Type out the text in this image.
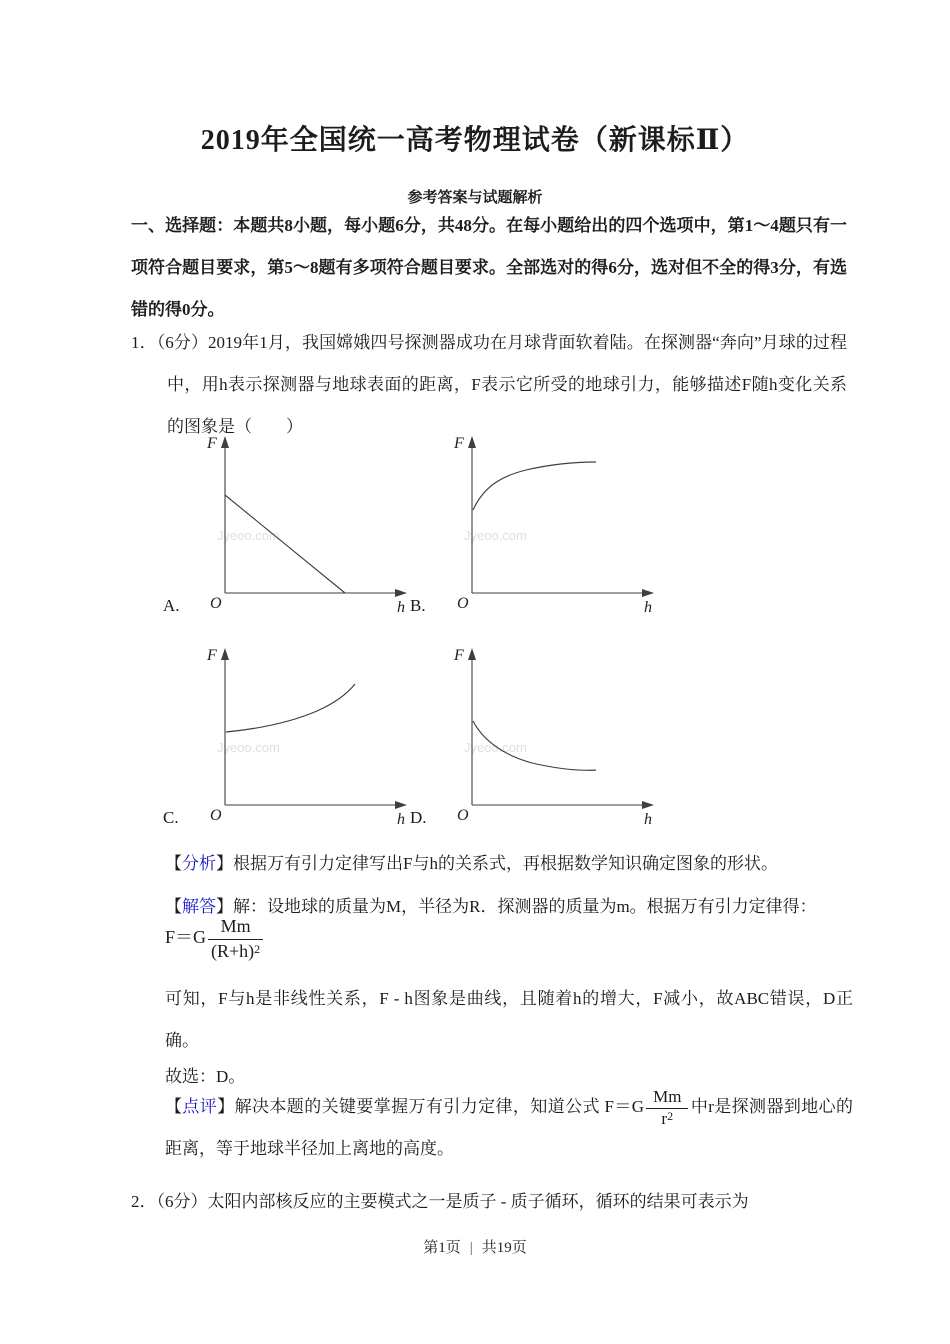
2019年全国统一高考物理试卷（新课标Ⅱ）
参考答案与试题解析
一、选择题：本题共8小题，每小题6分，共48分。在每小题给出的四个选项中，第1～4题只有一项符合题目要求，第5～8题有多项符合题目要求。全部选对的得6分，选对但不全的得3分，有选错的得0分。
1．（6分）2019年1月，我国嫦娥四号探测器成功在月球背面软着陆。在探测器“奔向”月球的过程中，用h表示探测器与地球表面的距离，F表示它所受的地球引力，能够描述F随h变化关系的图象是（　　）
A.
Jyeoo.com
F
O	h B.
Jyeoo.com
F
O	h
C.
Jyeoo.com
F
O	h D.
Jyeoo.com
F
O	h
【分析】根据万有引力定律写出F与h的关系式，再根据数学知识确定图象的形状。
【解答】解：设地球的质量为M，半径为R．探测器的质量为m。根据万有引力定律得：
$F=G \frac{Mm}{(R+h)^2}$
可知，F与h是非线性关系，F - h图象是曲线，且随着h的增大，F减小，故ABC错误，D正确。
故选：D。
【点评】解决本题的关键要掌握万有引力定律，知道公式 $F=G \frac{Mm}{r^2}$ 中r是探测器到地心的距离，等于地球半径加上离地的高度。
2．（6分）太阳内部核反应的主要模式之一是质子 - 质子循环，循环的结果可表示为
第1页 | 共19页
